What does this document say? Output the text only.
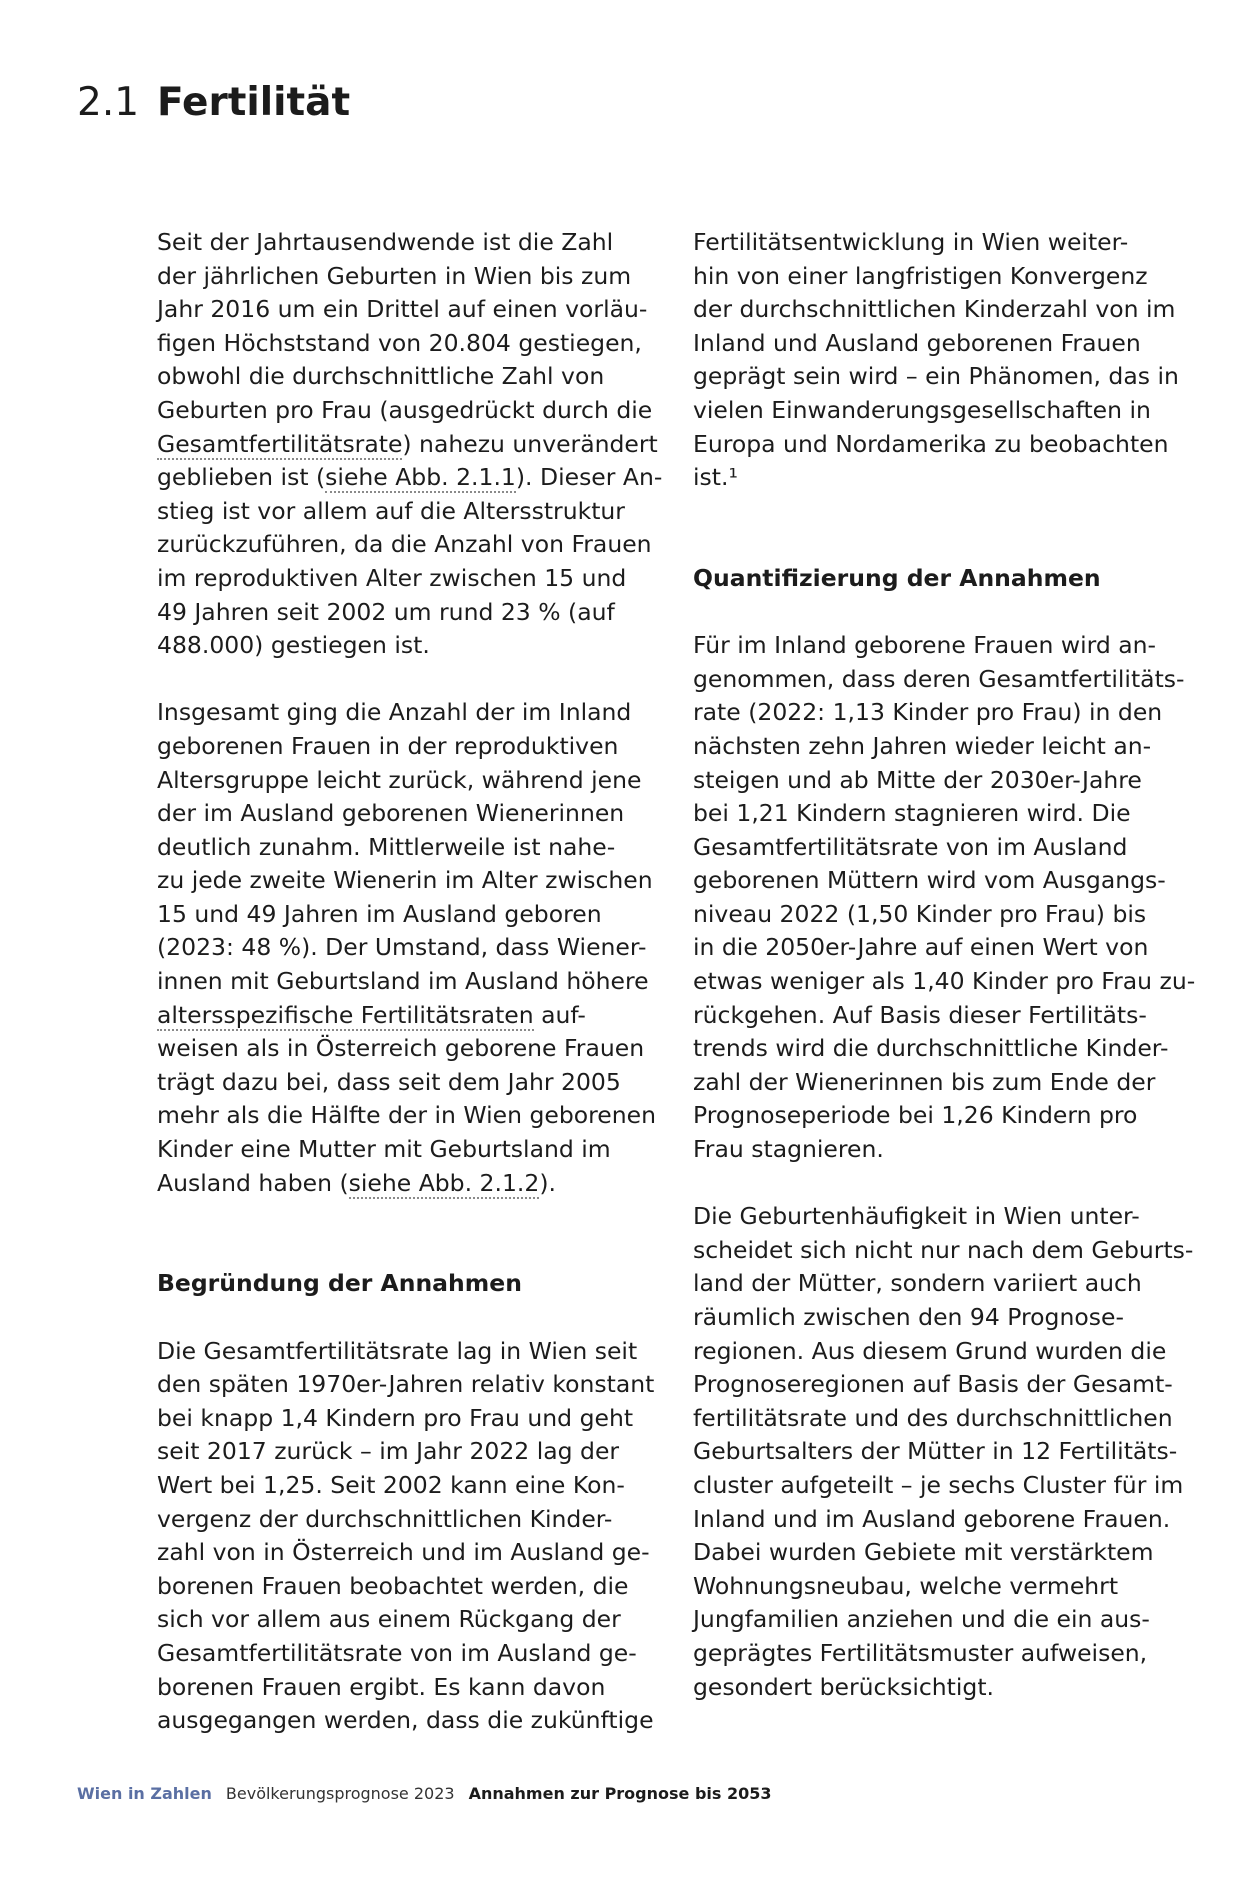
2.1 Fertilität
Seit der Jahrtausendwende ist die Zahl
der jährlichen Geburten in Wien bis zum
Jahr 2016 um ein Drittel auf einen vorläu-
figen Höchststand von 20.804 gestiegen,
obwohl die durchschnittliche Zahl von
Geburten pro Frau (ausgedrückt durch die
Gesamtfertilitätsrate) nahezu unverändert
geblieben ist (siehe Abb. 2.1.1). Dieser An-
stieg ist vor allem auf die Altersstruktur
zurückzuführen, da die Anzahl von Frauen
im reproduktiven Alter zwischen 15 und
49 Jahren seit 2002 um rund 23 % (auf
488.000) gestiegen ist.
Insgesamt ging die Anzahl der im Inland
geborenen Frauen in der reproduktiven
Altersgruppe leicht zurück, während jene
der im Ausland geborenen Wienerinnen
deutlich zunahm. Mittlerweile ist nahe-
zu jede zweite Wienerin im Alter zwischen
15 und 49 Jahren im Ausland geboren
(2023: 48 %). Der Umstand, dass Wiener-
innen mit Geburtsland im Ausland höhere
altersspezifische Fertilitätsraten auf-
weisen als in Österreich geborene Frauen
trägt dazu bei, dass seit dem Jahr 2005
mehr als die Hälfte der in Wien geborenen
Kinder eine Mutter mit Geburtsland im
Ausland haben (siehe Abb. 2.1.2).
Begründung der Annahmen
Die Gesamtfertilitätsrate lag in Wien seit
den späten 1970er-Jahren relativ konstant
bei knapp 1,4 Kindern pro Frau und geht
seit 2017 zurück – im Jahr 2022 lag der
Wert bei 1,25. Seit 2002 kann eine Kon-
vergenz der durchschnittlichen Kinder-
zahl von in Österreich und im Ausland ge-
borenen Frauen beobachtet werden, die
sich vor allem aus einem Rückgang der
Gesamtfertilitätsrate von im Ausland ge-
borenen Frauen ergibt. Es kann davon
ausgegangen werden, dass die zukünftige
Fertilitätsentwicklung in Wien weiter-
hin von einer langfristigen Konvergenz
der durchschnittlichen Kinderzahl von im
Inland und Ausland geborenen Frauen
geprägt sein wird – ein Phänomen, das in
vielen Einwanderungsgesellschaften in
Europa und Nordamerika zu beobachten
ist.¹
Quantifizierung der Annahmen
Für im Inland geborene Frauen wird an-
genommen, dass deren Gesamtfertilitäts-
rate (2022: 1,13 Kinder pro Frau) in den
nächsten zehn Jahren wieder leicht an-
steigen und ab Mitte der 2030er-Jahre
bei 1,21 Kindern stagnieren wird. Die
Gesamtfertilitätsrate von im Ausland
geborenen Müttern wird vom Ausgangs-
niveau 2022 (1,50 Kinder pro Frau) bis
in die 2050er-Jahre auf einen Wert von
etwas weniger als 1,40 Kinder pro Frau zu-
rückgehen. Auf Basis dieser Fertilitäts-
trends wird die durchschnittliche Kinder-
zahl der Wienerinnen bis zum Ende der
Prognoseperiode bei 1,26 Kindern pro
Frau stagnieren.
Die Geburtenhäufigkeit in Wien unter-
scheidet sich nicht nur nach dem Geburts-
land der Mütter, sondern variiert auch
räumlich zwischen den 94 Prognose-
regionen. Aus diesem Grund wurden die
Prognoseregionen auf Basis der Gesamt-
fertilitätsrate und des durchschnittlichen
Geburtsalters der Mütter in 12 Fertilitäts-
cluster aufgeteilt – je sechs Cluster für im
Inland und im Ausland geborene Frauen.
Dabei wurden Gebiete mit verstärktem
Wohnungsneubau, welche vermehrt
Jungfamilien anziehen und die ein aus-
geprägtes Fertilitätsmuster aufweisen,
gesondert berücksichtigt.
Wien in Zahlen Bevölkerungsprognose 2023 Annahmen zur Prognose bis 2053
